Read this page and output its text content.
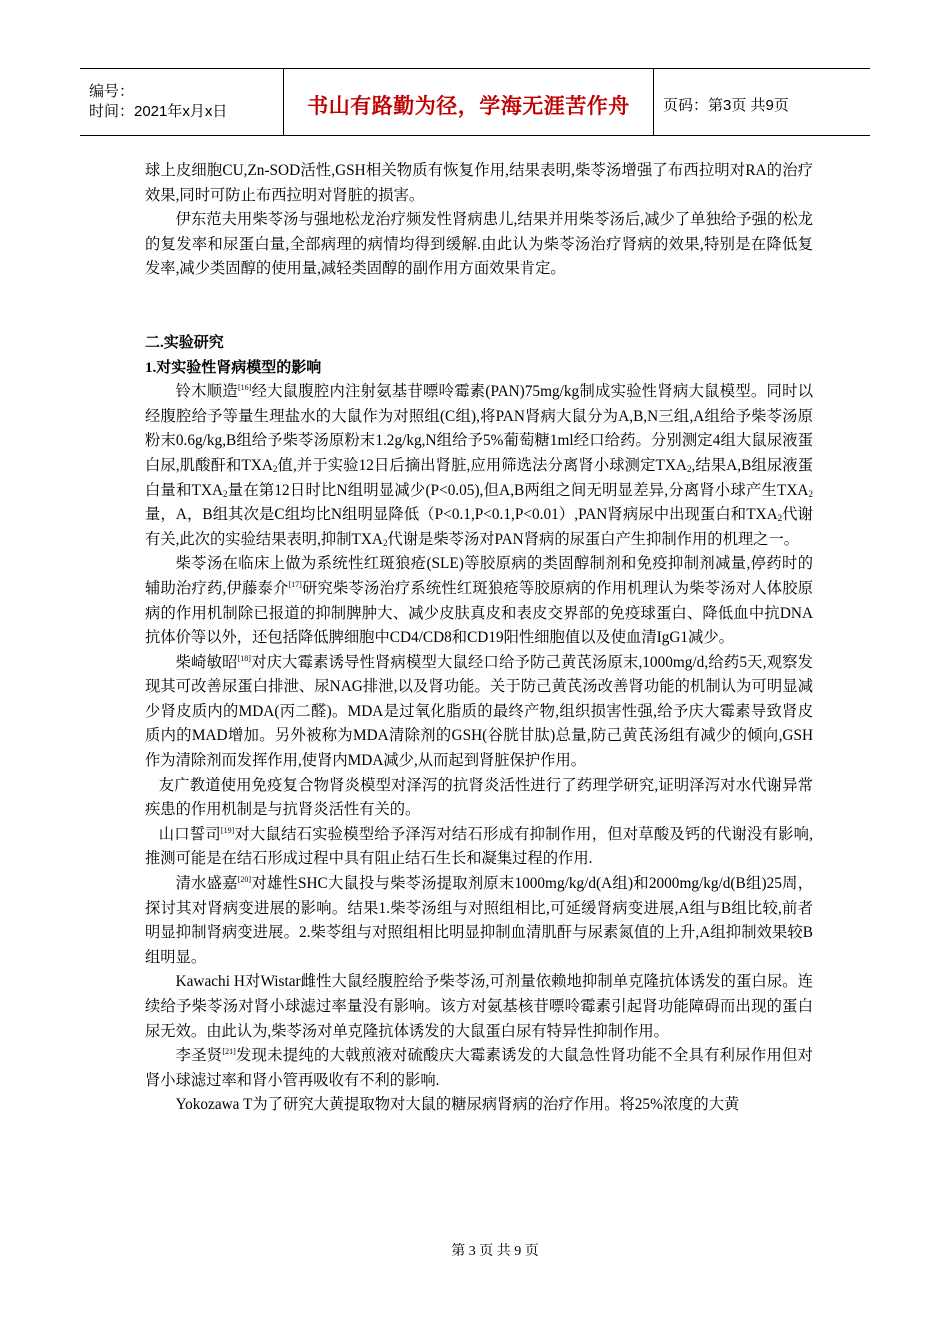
编号：
时间：2021年x月x日	书山有路勤为径，学海无涯苦作舟 页码：第3页 共9页

球上皮细胞CU,Zn-SOD活性,GSH相关物质有恢复作用,结果表明,柴苓汤增强了布西拉明对RA的治疗效果,同时可防止布西拉明对肾脏的损害。

伊东范夫用柴苓汤与强地松龙治疗频发性肾病患儿,结果并用柴苓汤后,减少了单独给予强的松龙的复发率和尿蛋白量,全部病理的病情均得到缓解.由此认为柴苓汤治疗肾病的效果,特别是在降低复发率,减少类固醇的使用量,减轻类固醇的副作用方面效果肯定。

二.实验研究
1.对实验性肾病模型的影响

铃木顺造[16]经大鼠腹腔内注射氨基苷嘌呤霉素(PAN)75mg/kg制成实验性肾病大鼠模型。同时以经腹腔给予等量生理盐水的大鼠作为对照组(C组),将PAN肾病大鼠分为A,B,N三组,A组给予柴苓汤原粉末0.6g/kg,B组给予柴苓汤原粉末1.2g/kg,N组给予5%葡萄糖1ml经口给药。分别测定4组大鼠尿液蛋白尿,肌酸酐和$TXA_2$值,并于实验12日后摘出肾脏,应用筛选法分离肾小球测定$TXA_2$,结果A,B组尿液蛋白量和$TXA_2$量在第12日时比N组明显减少(P<0.05),但A,B两组之间无明显差异,分离肾小球产生$TXA_2$量，A，B组其次是C组均比N组明显降低（P<0.1,P<0.1,P<0.01）,PAN肾病尿中出现蛋白和$TXA_2$代谢有关,此次的实验结果表明,抑制$TXA_2$代谢是柴苓汤对PAN肾病的尿蛋白产生抑制作用的机理之一。

柴苓汤在临床上做为系统性红斑狼疮(SLE)等胶原病的类固醇制剂和免疫抑制剂减量,停药时的辅助治疗药,伊藤泰介[17]研究柴苓汤治疗系统性红斑狼疮等胶原病的作用机理认为柴苓汤对人体胶原病的作用机制除已报道的抑制脾肿大、减少皮肤真皮和表皮交界部的免疫球蛋白、降低血中抗DNA抗体价等以外，还包括降低脾细胞中CD4/CD8和CD19阳性细胞值以及使血清IgG1减少。

柴崎敏昭[18]对庆大霉素诱导性肾病模型大鼠经口给予防己黄芪汤原末,1000mg/d,给药5天,观察发现其可改善尿蛋白排泄、尿NAG排泄,以及肾功能。关于防己黄芪汤改善肾功能的机制认为可明显减少肾皮质内的MDA(丙二醛)。MDA是过氧化脂质的最终产物,组织损害性强,给予庆大霉素导致肾皮质内的MAD增加。另外被称为MDA清除剂的GSH(谷胱甘肽)总量,防己黄芪汤组有减少的倾向,GSH作为清除剂而发挥作用,使肾内MDA减少,从而起到肾脏保护作用。

友广教道使用免疫复合物肾炎模型对泽泻的抗肾炎活性进行了药理学研究,证明泽泻对水代谢异常疾患的作用机制是与抗肾炎活性有关的。

山口誓司[19]对大鼠结石实验模型给予泽泻对结石形成有抑制作用，但对草酸及钙的代谢没有影响,推测可能是在结石形成过程中具有阻止结石生长和凝集过程的作用.

清水盛嘉[20]对雄性SHC大鼠投与柴苓汤提取剂原末1000mg/kg/d(A组)和2000mg/kg/d(B组)25周，探讨其对肾病变进展的影响。结果1.柴苓汤组与对照组相比,可延缓肾病变进展,A组与B组比较,前者明显抑制肾病变进展。2.柴苓组与对照组相比明显抑制血清肌酐与尿素氮值的上升,A组抑制效果较B组明显。

Kawachi H对Wistar雌性大鼠经腹腔给予柴苓汤,可剂量依赖地抑制单克隆抗体诱发的蛋白尿。连续给予柴苓汤对肾小球滤过率量没有影响。该方对氨基核苷嘌呤霉素引起肾功能障碍而出现的蛋白尿无效。由此认为,柴苓汤对单克隆抗体诱发的大鼠蛋白尿有特异性抑制作用。

李圣贤[21]发现未提纯的大戟煎液对硫酸庆大霉素诱发的大鼠急性肾功能不全具有利尿作用但对肾小球滤过率和肾小管再吸收有不利的影响.

Yokozawa T为了研究大黄提取物对大鼠的糖尿病肾病的治疗作用。将25%浓度的大黄

第 3 页 共 9 页
